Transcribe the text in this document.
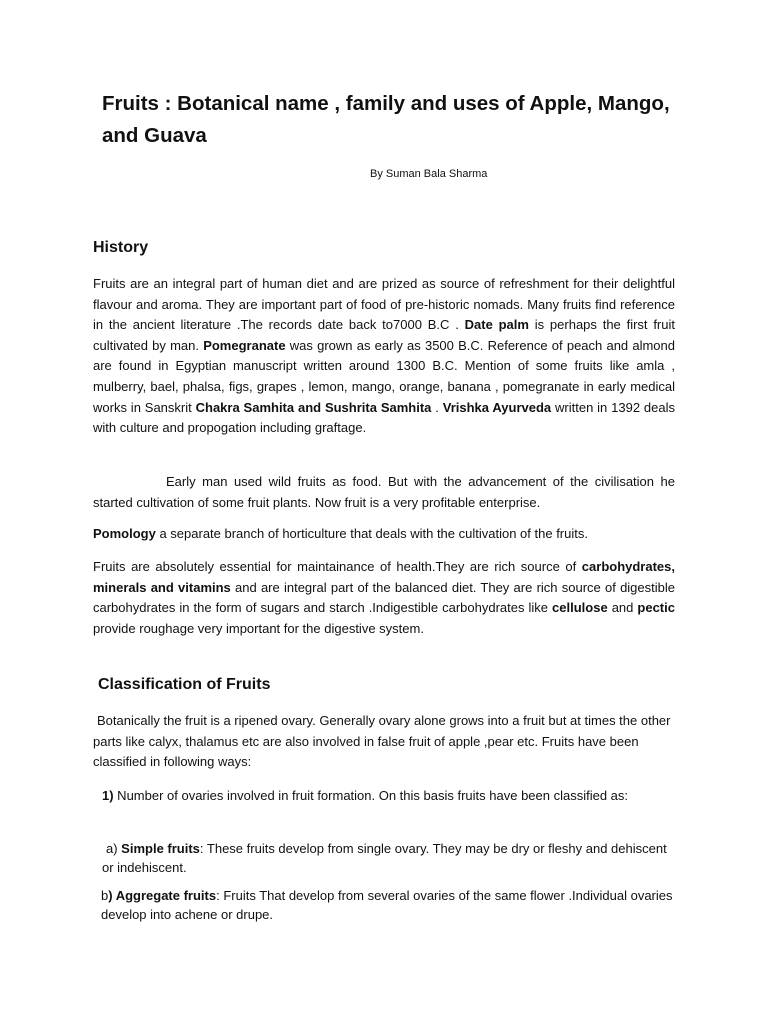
Fruits : Botanical name , family and uses of Apple, Mango, and Guava

By Suman Bala Sharma

History

Fruits are an integral part of human diet and are prized as source of refreshment for their delightful flavour and aroma. They are important part of food of pre-historic nomads. Many fruits find reference in the ancient literature .The records date back to7000 B.C . Date palm is perhaps the first fruit cultivated by man. Pomegranate was grown as early as 3500 B.C. Reference of peach and almond are found in Egyptian manuscript written around 1300 B.C. Mention of some fruits like amla , mulberry, bael, phalsa, figs, grapes , lemon, mango, orange, banana , pomegranate in early medical works in Sanskrit Chakra Samhita and Sushrita Samhita . Vrishka Ayurveda written in 1392 deals with culture and propogation including graftage.

Early man used wild fruits as food. But with the advancement of the civilisation he started cultivation of some fruit plants. Now fruit is a very profitable enterprise.

Pomology a separate branch of horticulture that deals with the cultivation of the fruits.

Fruits are absolutely essential for maintainance of health.They are rich source of carbohydrates, minerals and vitamins and are integral part of the balanced diet. They are rich source of digestible carbohydrates in the form of sugars and starch .Indigestible carbohydrates like cellulose and pectic provide roughage very important for the digestive system.

Classification of Fruits

Botanically the fruit is a ripened ovary. Generally ovary alone grows into a fruit but at times the other parts like calyx, thalamus etc are also involved in false fruit of apple ,pear etc. Fruits have been classified in following ways:

1) Number of ovaries involved in fruit formation. On this basis fruits have been classified as:

a) Simple fruits: These fruits develop from single ovary. They may be dry or fleshy and dehiscent or indehiscent.

b) Aggregate fruits: Fruits That develop from several ovaries of the same flower .Individual ovaries develop into achene or drupe.
